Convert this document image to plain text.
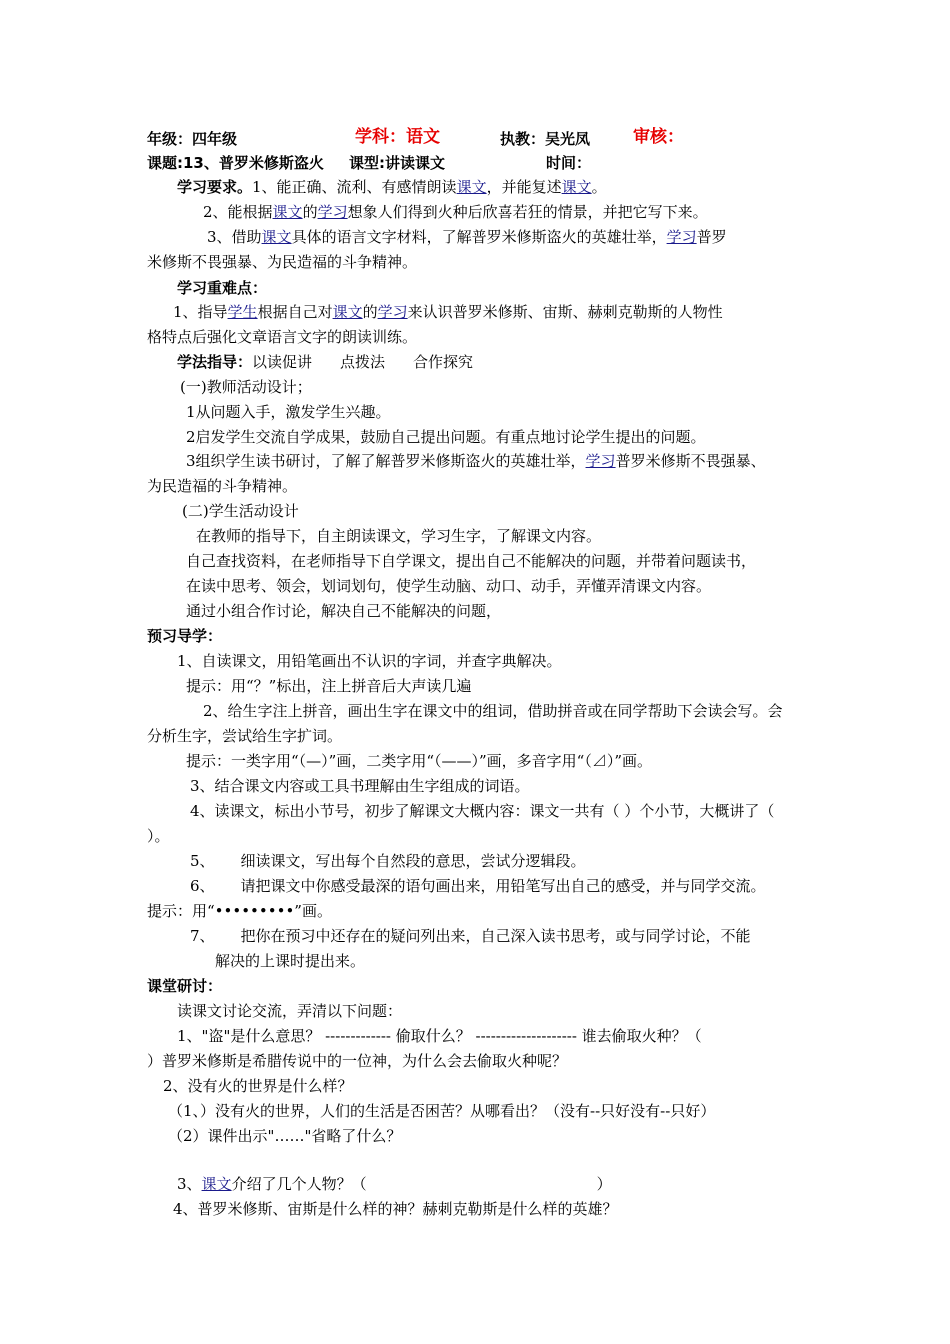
年级：四年级	学科：语文	执教：吴光凤	审核：
课题:13、普罗米修斯盗火 课型:讲读课文	时间：
学习要求。1、能正确、流利、有感情朗读课文，并能复述课文。
2、能根据课文的学习想象人们得到火种后欣喜若狂的情景，并把它写下来。
3、借助课文具体的语言文字材料，了解普罗米修斯盗火的英雄壮举，学习普罗
米修斯不畏强暴、为民造福的斗争精神。
学习重难点：
1、指导学生根据自己对课文的学习来认识普罗米修斯、宙斯、赫刺克勒斯的人物性
格特点后强化文章语言文字的朗读训练。
学法指导：以读促讲 点拨法 合作探究
(一)教师活动设计；
1从问题入手，激发学生兴趣。
2启发学生交流自学成果，鼓励自己提出问题。有重点地讨论学生提出的问题。
3组织学生读书研讨，了解了解普罗米修斯盗火的英雄壮举，学习普罗米修斯不畏强暴、
为民造福的斗争精神。
(二)学生活动设计
在教师的指导下，自主朗读课文，学习生字，了解课文内容。
自己查找资料，在老师指导下自学课文，提出自己不能解决的问题，并带着问题读书，
在读中思考、领会，划词划句，使学生动脑、动口、动手，弄懂弄清课文内容。
通过小组合作讨论，解决自己不能解决的问题，
预习导学：
1、自读课文，用铅笔画出不认识的字词，并查字典解决。
提示：用“？”标出，注上拼音后大声读几遍
2、给生字注上拼音，画出生字在课文中的组词，借助拼音或在同学帮助下会读会写。会
分析生字，尝试给生字扩词。
提示：一类字用“（—）”画，二类字用“（——）”画，多音字用“（⊿）”画。
3、结合课文内容或工具书理解由生字组成的词语。
4、读课文，标出小节号，初步了解课文大概内容：课文一共有（ ）个小节，大概讲了（
）。
5、 细读课文，写出每个自然段的意思，尝试分逻辑段。
6、 请把课文中你感受最深的语句画出来，用铅笔写出自己的感受，并与同学交流。
提示：用“•••••••••”画。
7、 把你在预习中还存在的疑问列出来，自己深入读书思考，或与同学讨论，不能
解决的上课时提出来。
课堂研讨：
读课文讨论交流，弄清以下问题：
1、"盗"是什么意思？ ------------- 偷取什么？ -------------------- 谁去偷取火种？（
）普罗米修斯是希腊传说中的一位神，为什么会去偷取火种呢？
2、没有火的世界是什么样？
（1、）没有火的世界，人们的生活是否困苦？从哪看出？（没有--只好没有--只好）
（2）课件出示"……"省略了什么？
3、课文介绍了几个人物？（	）
4、普罗米修斯、宙斯是什么样的神？赫刺克勒斯是什么样的英雄？
